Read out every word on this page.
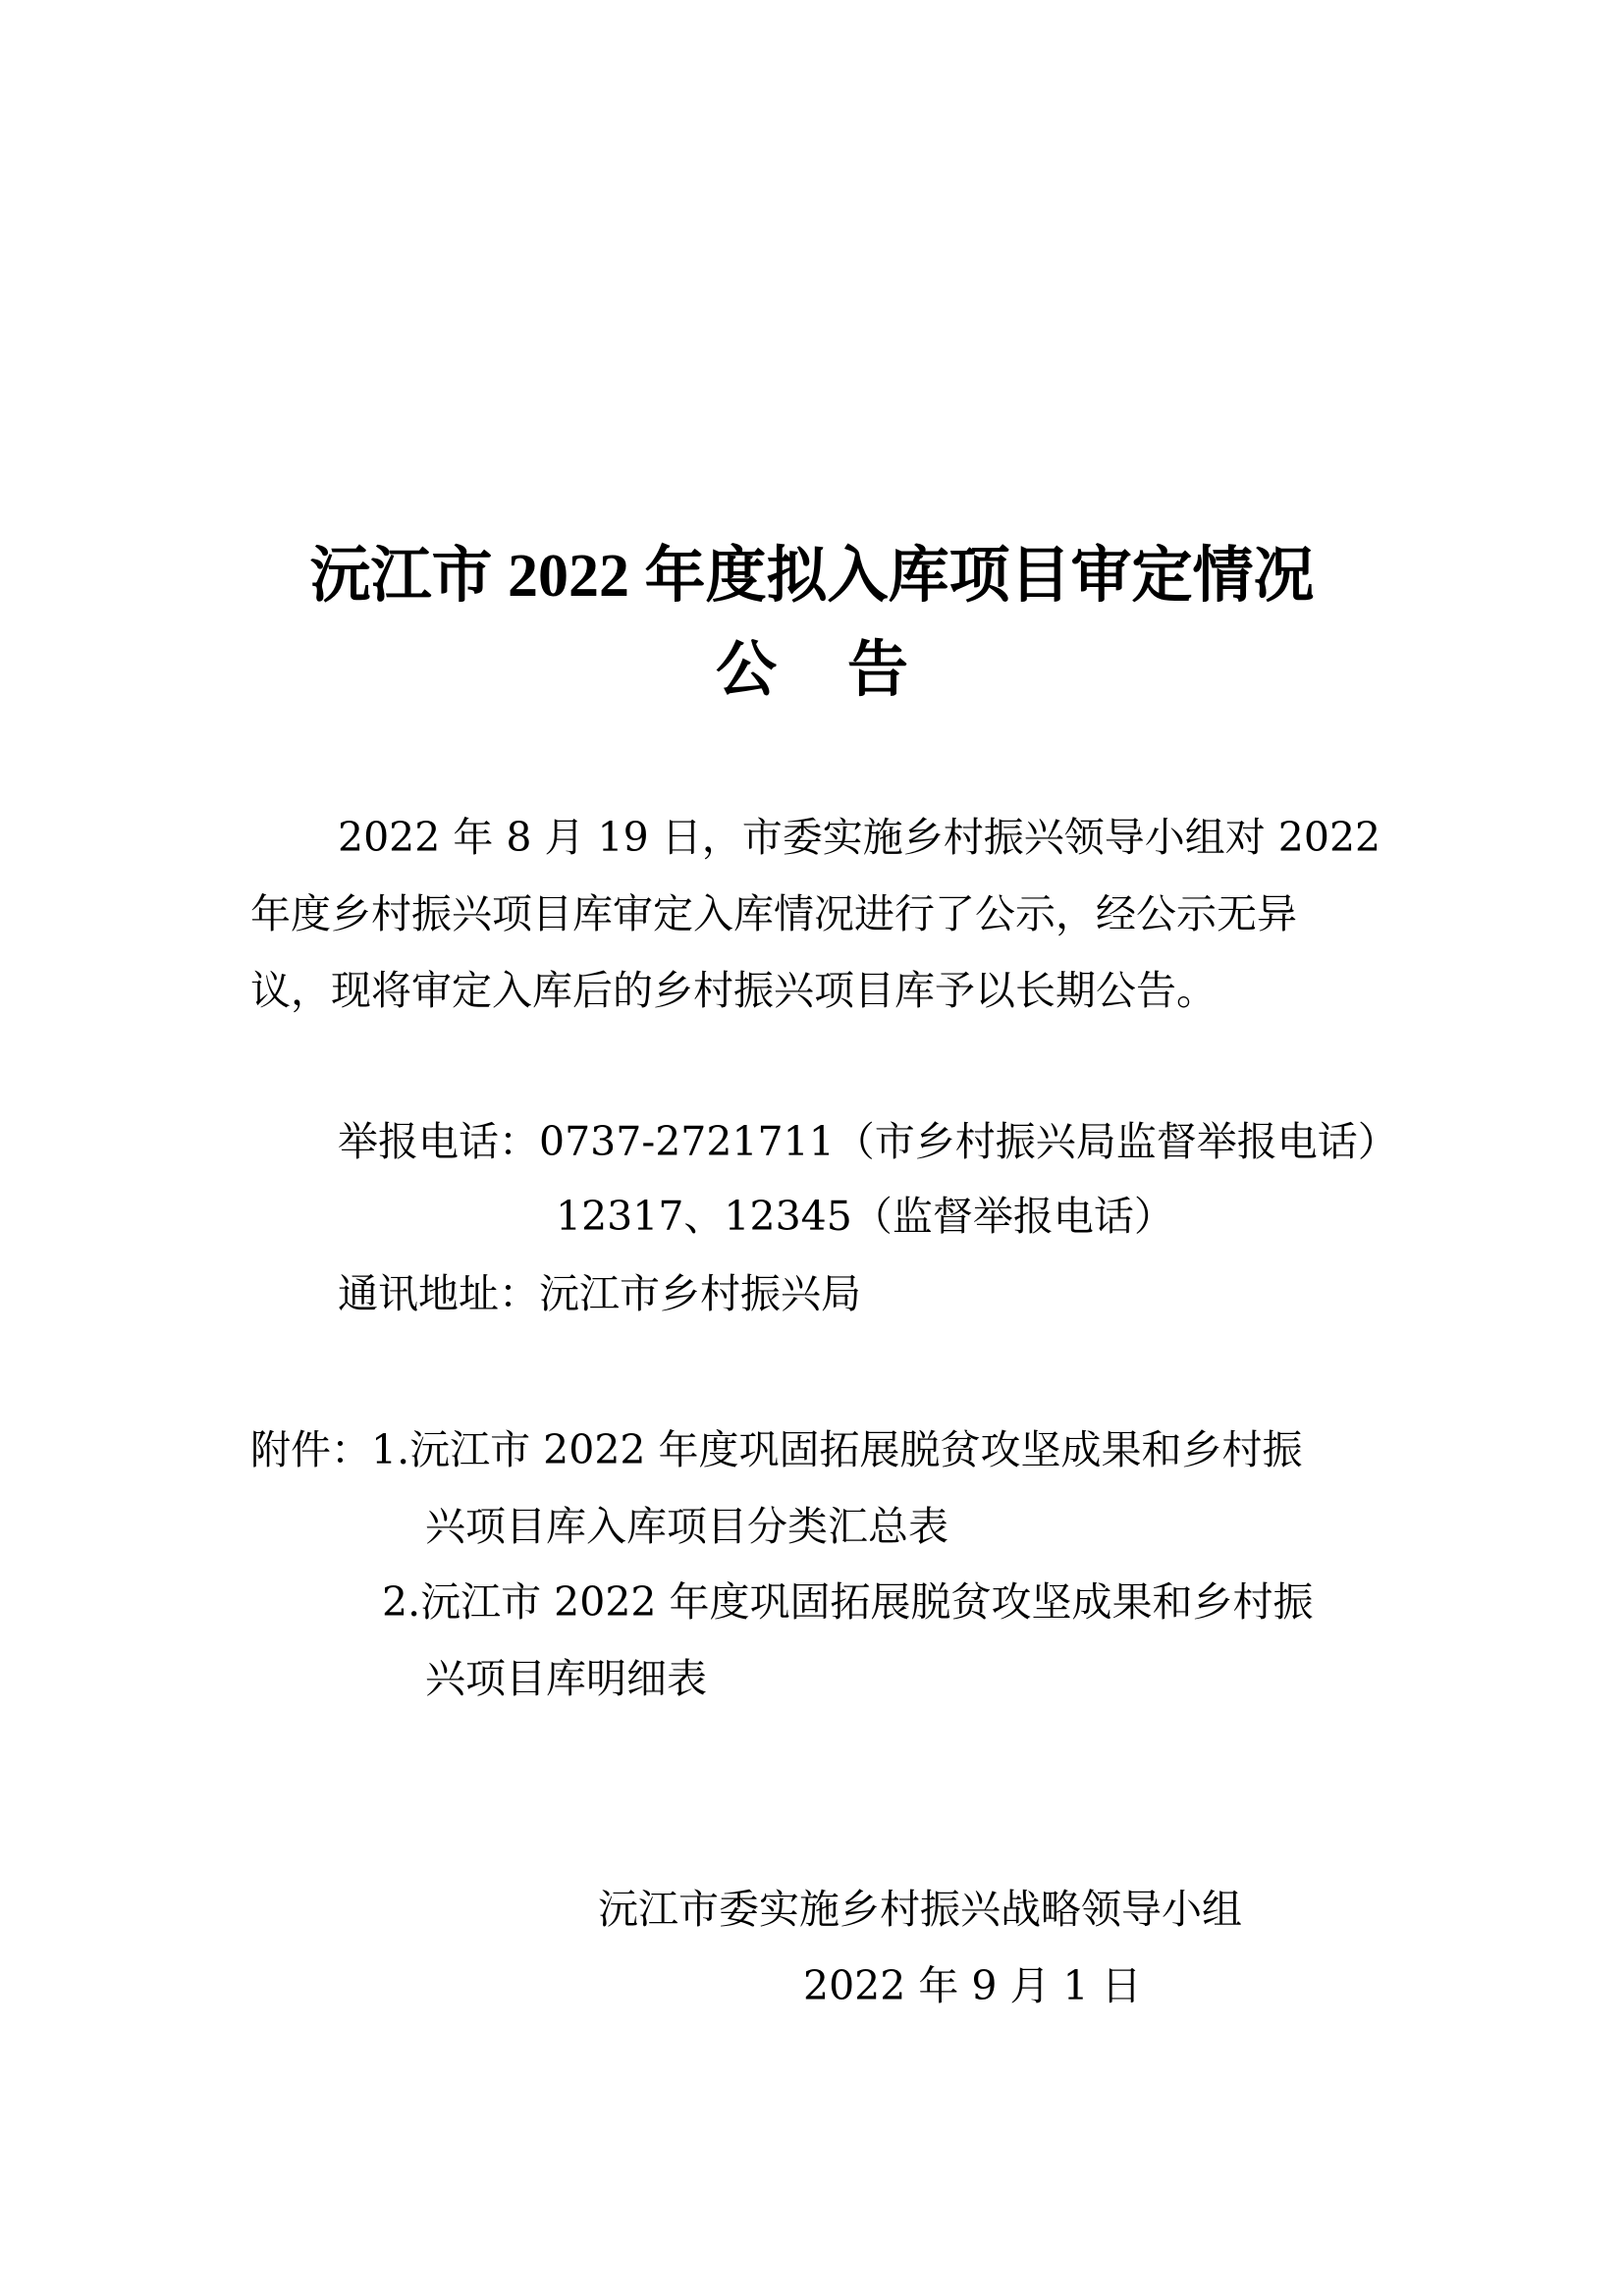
沅江市 2022 年度拟入库项目审定情况
公告
2022 年 8 月 19 日，市委实施乡村振兴领导小组对 2022
年度乡村振兴项目库审定入库情况进行了公示，经公示无异
议，现将审定入库后的乡村振兴项目库予以长期公告。
举报电话：0737-2721711（市乡村振兴局监督举报电话）
12317、12345（监督举报电话）
通讯地址：沅江市乡村振兴局
附件：1.沅江市 2022 年度巩固拓展脱贫攻坚成果和乡村振
兴项目库入库项目分类汇总表
2.沅江市 2022 年度巩固拓展脱贫攻坚成果和乡村振
兴项目库明细表
沅江市委实施乡村振兴战略领导小组
2022 年 9 月 1 日
